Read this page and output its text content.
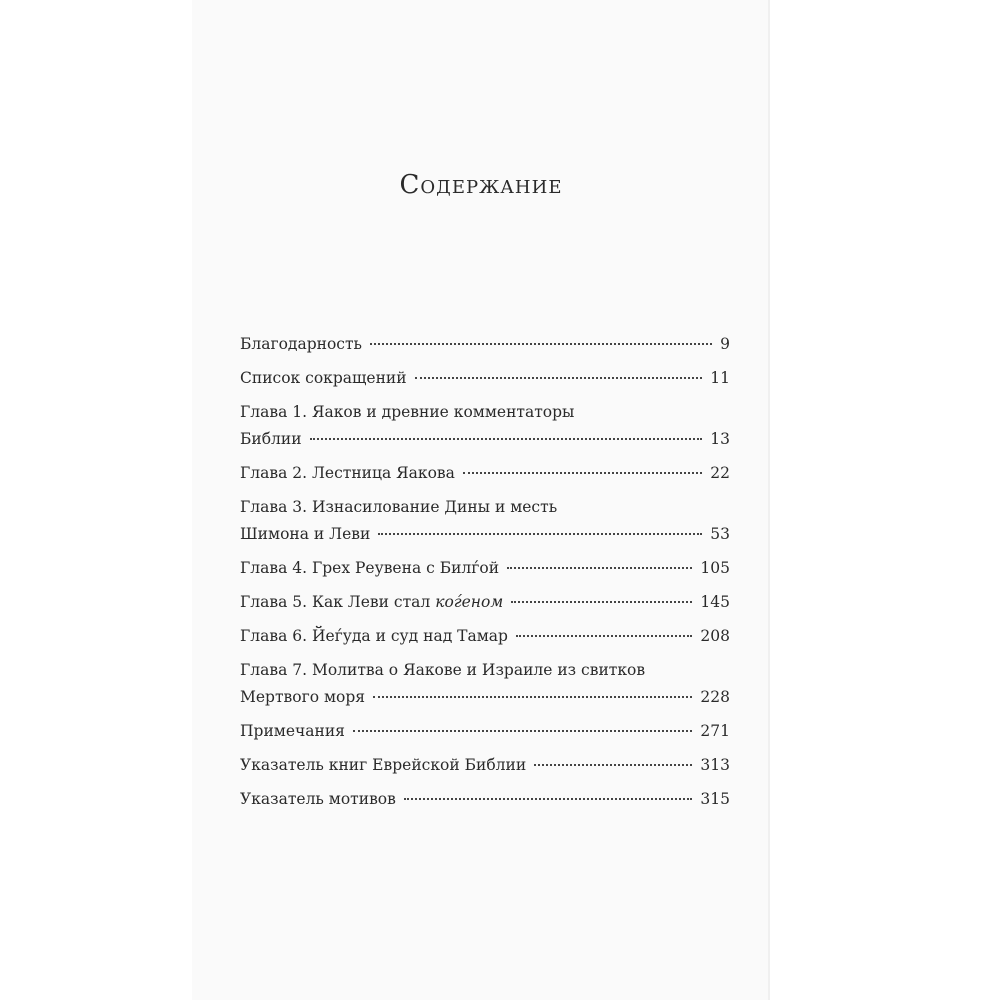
Содержание
Благодарность	9
Список сокращений	11
Глава 1. Яаков и древние комментаторы
Библии	13
Глава 2. Лестница Яакова	22
Глава 3. Изнасилование Дины и месть
Шимона и Леви	53
Глава 4. Грех Реувена с Билѓой	105
Глава 5. Как Леви стал коѓеном	145
Глава 6. Йеѓуда и суд над Тамар	208
Глава 7. Молитва о Яакове и Израиле из свитков
Мертвого моря	228
Примечания	271
Указатель книг Еврейской Библии	313
Указатель мотивов	315
